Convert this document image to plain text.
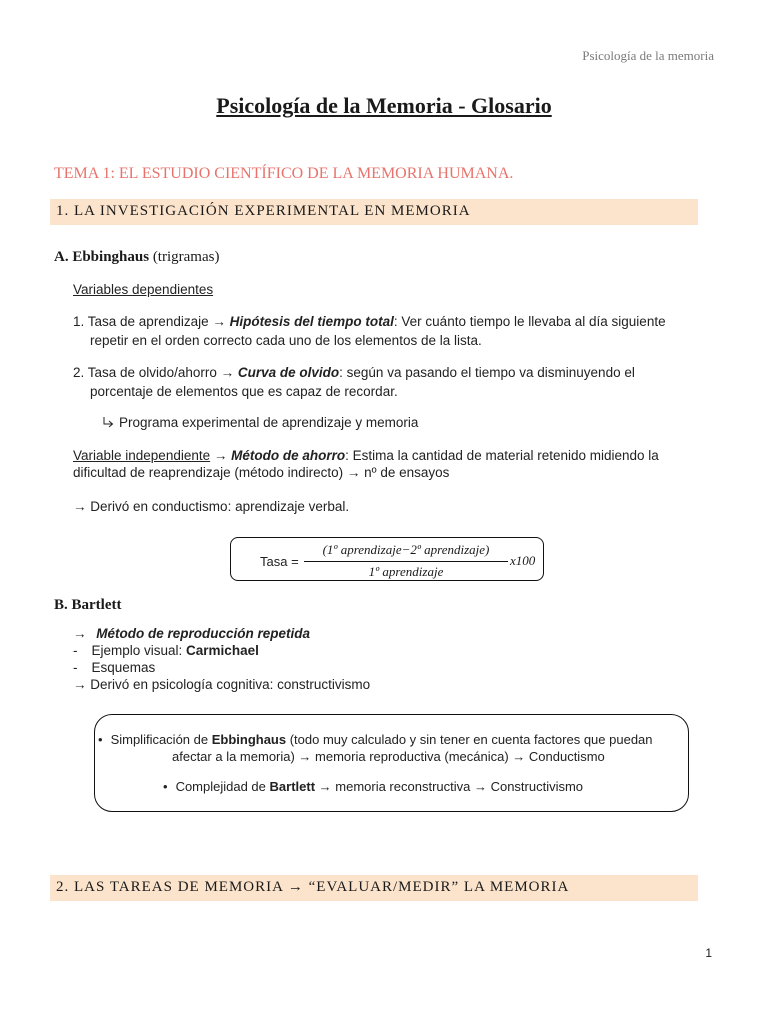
Psicología de la memoria
Psicología de la Memoria - Glosario
TEMA 1: EL ESTUDIO CIENTÍFICO DE LA MEMORIA HUMANA.
1. LA INVESTIGACIÓN EXPERIMENTAL EN MEMORIA
A. Ebbinghaus (trigramas)
Variables dependientes
1. Tasa de aprendizaje → Hipótesis del tiempo total: Ver cuánto tiempo le llevaba al día siguiente
repetir en el orden correcto cada uno de los elementos de la lista.
2. Tasa de olvido/ahorro → Curva de olvido: según va pasando el tiempo va disminuyendo el
porcentaje de elementos que es capaz de recordar.
Programa experimental de aprendizaje y memoria
Variable independiente → Método de ahorro: Estima la cantidad de material retenido midiendo la
dificultad de reaprendizaje (método indirecto) → nº de ensayos
→ Derivó en conductismo: aprendizaje verbal.
Tasa =
(1º aprendizaje−2º aprendizaje)
1º aprendizaje
x100
B. Bartlett
→ Método de reproducción repetida
- Ejemplo visual: Carmichael
- Esquemas
→ Derivó en psicología cognitiva: constructivismo
• Simplificación de Ebbinghaus (todo muy calculado y sin tener en cuenta factores que puedan
afectar a la memoria) → memoria reproductiva (mecánica) → Conductismo
• Complejidad de Bartlett → memoria reconstructiva → Constructivismo
2. LAS TAREAS DE MEMORIA → “EVALUAR/MEDIR” LA MEMORIA
1
